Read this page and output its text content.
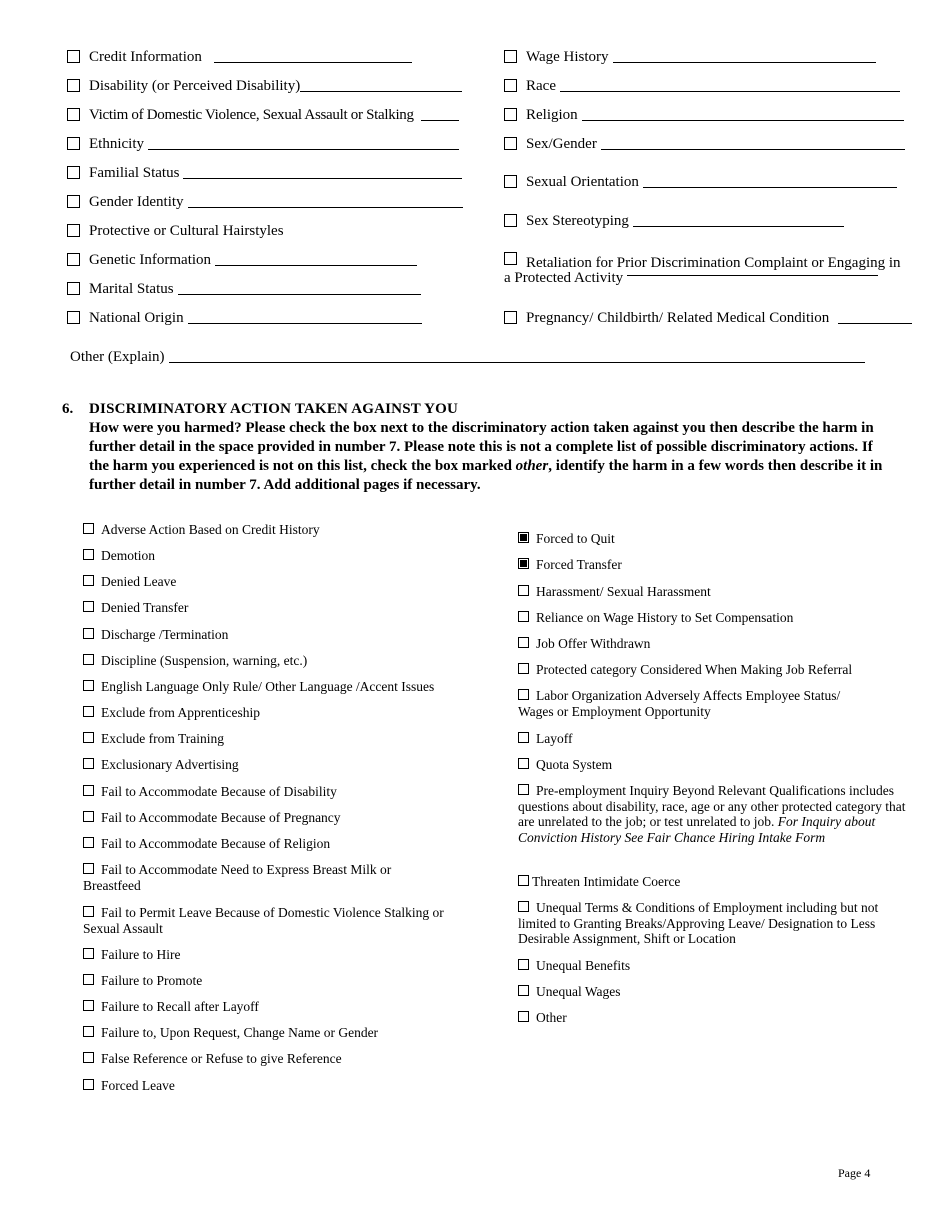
Credit Information
Disability (or Perceived Disability)
Victim of Domestic Violence, Sexual Assault or Stalking
Ethnicity
Familial Status
Gender Identity
Protective or Cultural Hairstyles
Genetic Information
Marital Status
National Origin
Wage History
Race
Religion
Sex/Gender
Sexual Orientation
Sex Stereotyping
Retaliation for Prior Discrimination Complaint or Engaging in a Protected Activity
Pregnancy/ Childbirth/ Related Medical Condition
Other (Explain)
6. DISCRIMINATORY ACTION TAKEN AGAINST YOU
How were you harmed? Please check the box next to the discriminatory action taken against you then describe the harm in further detail in the space provided in number 7. Please note this is not a complete list of possible discriminatory actions. If the harm you experienced is not on this list, check the box marked other, identify the harm in a few words then describe it in further detail in number 7. Add additional pages if necessary.
Adverse Action Based on Credit History
Demotion
Denied Leave
Denied Transfer
Discharge /Termination
Discipline (Suspension, warning, etc.)
English Language Only Rule/ Other Language /Accent Issues
Exclude from Apprenticeship
Exclude from Training
Exclusionary Advertising
Fail to Accommodate Because of Disability
Fail to Accommodate Because of Pregnancy
Fail to Accommodate Because of Religion
Fail to Accommodate Need to Express Breast Milk or Breastfeed
Fail to Permit Leave Because of Domestic Violence Stalking or Sexual Assault
Failure to Hire
Failure to Promote
Failure to Recall after Layoff
Failure to, Upon Request, Change Name or Gender
False Reference or Refuse to give Reference
Forced Leave
Forced to Quit
Forced Transfer
Harassment/ Sexual Harassment
Reliance on Wage History to Set Compensation
Job Offer Withdrawn
Protected category Considered When Making Job Referral
Labor Organization Adversely Affects Employee Status/ Wages or Employment Opportunity
Layoff
Quota System
Pre-employment Inquiry Beyond Relevant Qualifications includes questions about disability, race, age or any other protected category that are unrelated to the job; or test unrelated to job. For Inquiry about Conviction History See Fair Chance Hiring Intake Form
Threaten Intimidate Coerce
Unequal Terms & Conditions of Employment including but not limited to Granting Breaks/Approving Leave/ Designation to Less Desirable Assignment, Shift or Location
Unequal Benefits
Unequal Wages
Other
Page 4
